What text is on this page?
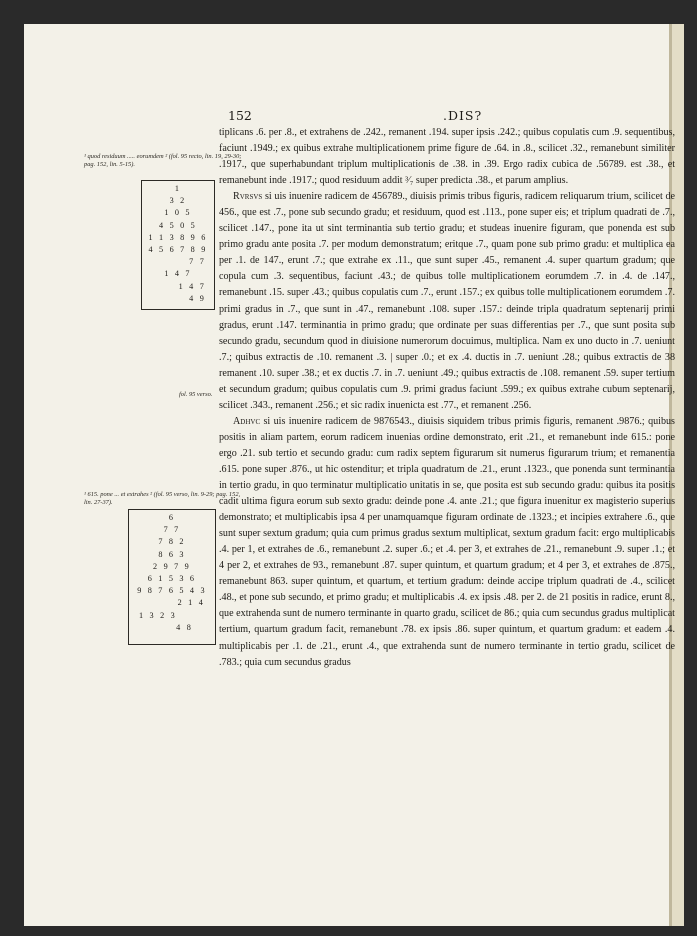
152	.DIS?
¹ quod residuum ..... eorumdem ² (fol. 95 recto, lin. 19, 29-30; pag. 152, lin. 5-15).
1
3 2
1 0 5
4 5 0 5
1 1 3 8 9 6
4 5 6 7 8 9
7 7
1 4 7
1 4 7
4 9
fol. 95 verso.
¹ 615. pone ... et extrahes ² (fol. 95 verso, lin. 9-29; pag. 152, lin. 27-37).
6
7 7
7 8 2
8 6 3
2 9 7 9
6 1 5 3 6
9 8 7 6 5 4 3
2 1 4
1 3 2 3
4 8

tiplicans .6. per .8., et extrahens de .242., remanent .194. super ipsis .242.; quibus copulatis cum .9. sequentibus, faciunt .1949.; ex quibus extrahe multiplicationem prime figure de .64. in .8., scilicet .32., remanebunt similiter .1917., que superhabundant triplum multiplicationis de .38. in .39. Ergo radix cubica de .56789. est .38., et remanebunt inde .1917.; quod residuum addit ³⁄₇ super predicta .38., et parum amplius.

Rvrsvs si uis inuenire radicem de 456789., diuisis primis tribus figuris, radicem reliquarum trium, scilicet de 456., que est .7., pone sub secundo gradu; et residuum, quod est .113., pone super eis; et triplum quadrati de .7., scilicet .147., pone ita ut sint terminantia sub tertio gradu; et studeas inuenire figuram, que ponenda est sub primo gradu ante posita .7. per modum demonstratum; eritque .7., quam pone sub primo gradu: et multiplica ea per .1. de 147., erunt .7.; que extrahe ex .11., que sunt super .45., remanent .4. super quartum gradum; que copula cum .3. sequentibus, faciunt .43.; de quibus tolle multiplicationem eorumdem .7. in .4. de .147., remanebunt .15. super .43.; quibus copulatis cum .7., erunt .157.; ex quibus tolle multiplicationem eorumdem .7. primi gradus in .7., que sunt in .47., remanebunt .108. super .157.: deinde tripla quadratum septenarij primi gradus, erunt .147. terminantia in primo gradu; que ordinate per suas differentias per .7., que sunt posita sub secundo gradu, secundum quod in diuisione numerorum docuimus, multiplica. Nam ex uno ducto in .7. ueniunt .7.; quibus extractis de .10. remanent .3. | super .0.; et ex .4. ductis in .7. ueniunt .28.; quibus extractis de 38 remanent .10. super .38.; et ex ductis .7. in .7. ueniunt .49.; quibus extractis de .108. remanent .59. super tertium et secundum gradum; quibus copulatis cum .9. primi gradus faciunt .599.; ex quibus extrahe cubum septenarij, scilicet .343., remanent .256.; et sic radix inuenicta est .77., et remanent .256.

Adhvc si uis inuenire radicem de 9876543., diuisis siquidem tribus primis figuris, remanent .9876.; quibus positis in aliam partem, eorum radicem inuenias ordine demonstrato, erit .21., et remanebunt inde 615.: pone ergo .21. sub tertio et secundo gradu: cum radix septem figurarum sit numerus figurarum trium; et remanentia .615. pone super .876., ut hic ostenditur; et tripla quadratum de .21., erunt .1323., que ponenda sunt terminantia in tertio gradu, in quo terminatur multiplicatio unitatis in se, que posita est sub secundo gradu: quibus ita positis cadit ultima figura eorum sub sexto gradu: deinde pone .4. ante .21.; que figura inuenitur ex magisterio superius demonstrato; et multiplicabis ipsa 4 per unamquamque figuram ordinate de .1323.; et incipies extrahere .6., que sunt super sextum gradum; quia cum primus gradus sextum multiplicat, sextum gradum facit: ergo multiplicabis .4. per 1, et extrahes de .6., remanebunt .2. super .6.; et .4. per 3, et extrahes de .21., remanebunt .9. super .1.; et 4 per 2, et extrahes de 93., remanebunt .87. super quintum, et quartum gradum; et 4 per 3, et extrahes de .875., remanebunt 863. super quintum, et quartum, et tertium gradum: deinde accipe triplum quadrati de .4., scilicet .48., et pone sub secundo, et primo gradu; et multiplicabis .4. ex ipsis .48. per 2. de 21 positis in radice, erunt 8., que extrahenda sunt de numero terminante in quarto gradu, scilicet de 86.; quia cum secundus gradus multiplicat tertium, quartum gradum facit, remanebunt .78. ex ipsis .86. super quintum, et quartum gradum: et eadem .4. multiplicabis per .1. de .21., erunt .4., que extrahenda sunt de numero terminante in tertio gradu, scilicet de .783.; quia cum secundus gradus
